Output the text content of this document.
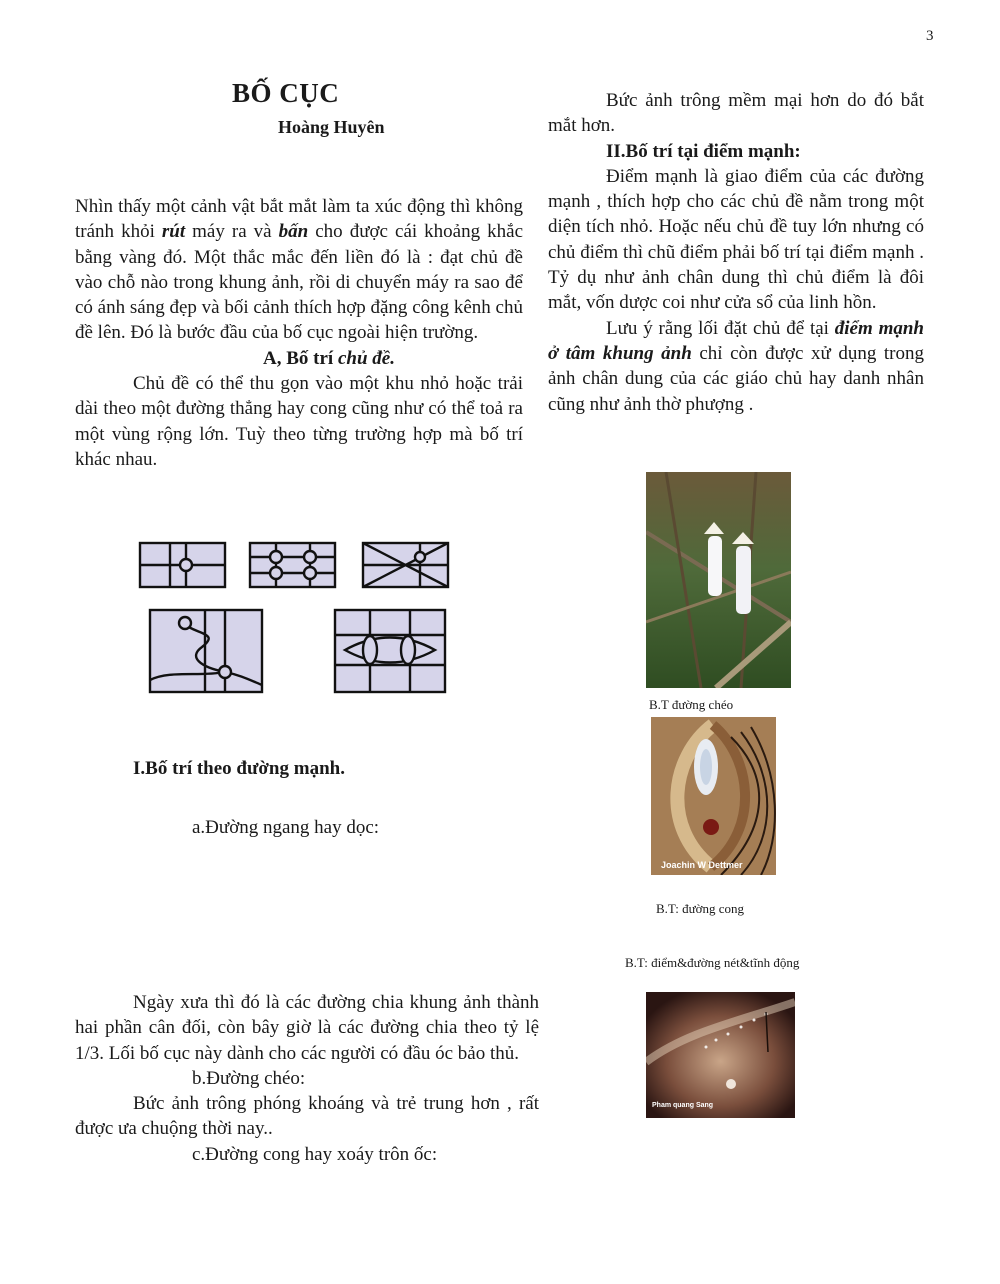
3
BỐ CỤC
Hoàng Huyên

Nhìn thấy một cảnh vật bắt mắt làm ta xúc động thì không tránh khỏi rút máy ra và bấn cho được cái khoảng khắc bằng vàng đó. Một thắc mắc đến liền đó là : đạt chủ đề vào chỗ nào trong khung ảnh, rồi di chuyển máy ra sao để có ánh sáng đẹp và bối cảnh thích hợp đặng công kênh chủ đề lên. Đó là bước đầu của bố cục ngoài hiện trường.

A, Bố trí chủ đề.

Chủ đề có thể thu gọn vào một khu nhỏ hoặc trải dài theo một đường thẳng hay cong cũng như có thể toả ra một vùng rộng lớn. Tuỳ theo từng trường hợp mà bố trí khác nhau.

I.Bố trí theo đường mạnh.
a.Đường ngang hay dọc:

Ngày xưa thì đó là các đường chia khung ảnh thành hai phần cân đối, còn bây giờ là các đường chia theo tỷ lệ 1/3. Lối bố cục này dành cho các người có đầu óc bảo thủ.

b.Đường chéo:

Bức ảnh trông phóng khoáng và trẻ trung hơn , rất được ưa chuộng thời nay..

c.Đường cong hay xoáy trôn ốc:

Bức ảnh trông mềm mại hơn do đó bắt mắt hơn.

II.Bố trí tại điểm mạnh:

Điểm mạnh là giao điểm của các đường mạnh , thích hợp cho các chủ đề nằm trong một diện tích nhỏ. Hoặc nếu chủ đề tuy lớn nhưng có chủ điểm thì chũ điểm phải bố trí tại điểm mạnh . Tỷ dụ như ảnh chân dung thì chủ điểm là đôi mắt, vốn dược coi như cửa sổ của linh hồn.

Lưu ý rằng lối đặt chủ để tại điểm mạnh ở tâm khung ảnh chỉ còn được xử dụng trong ảnh chân dung của các giáo chủ hay danh nhân cũng như ảnh thờ phượng .

B.T đường chéo
Joachin W Dettmer
B.T: đường cong
B.T: điểm&đường nét&tĩnh động
Pham quang Sang
